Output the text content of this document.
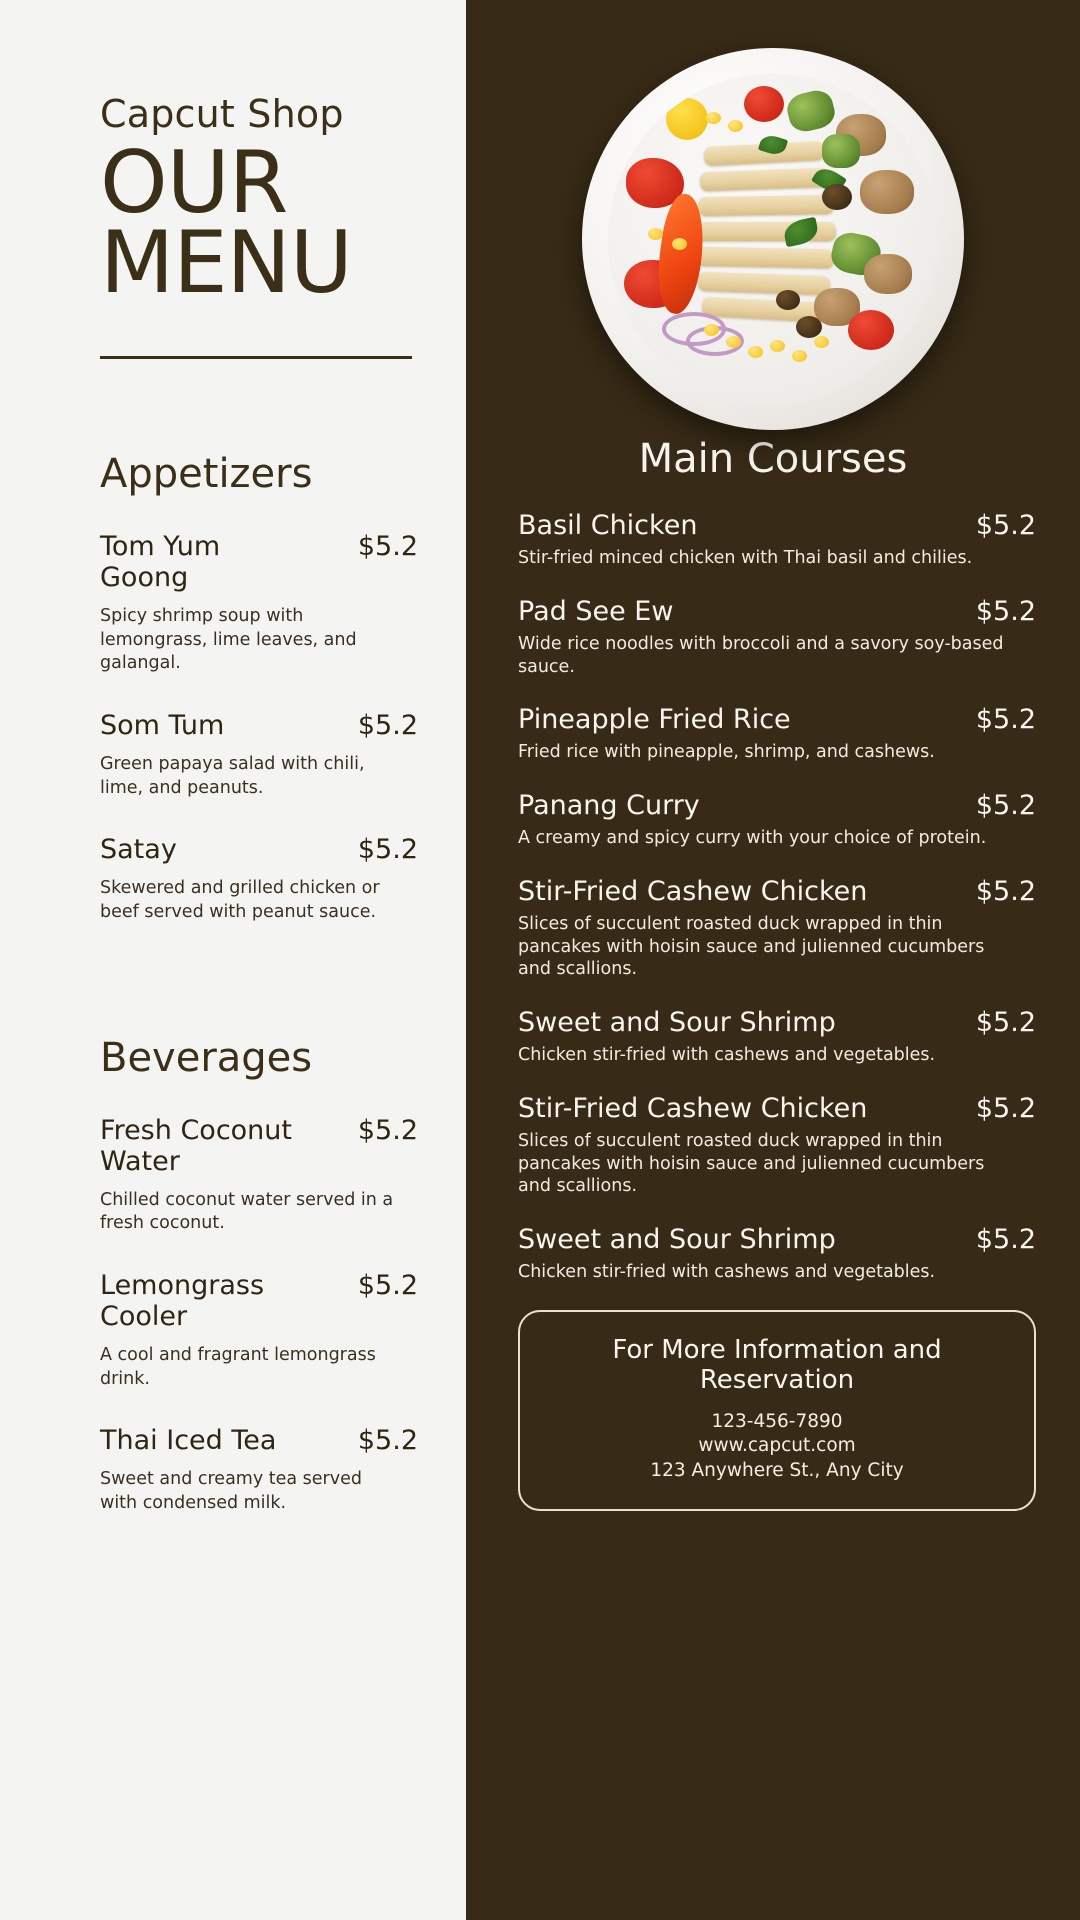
Capcut Shop
OUR
MENU
Appetizers
Tom Yum Goong
$5.2
Spicy shrimp soup with lemongrass, lime leaves, and galangal.
Som Tum	$5.2
Green papaya salad with chili, lime, and peanuts.
Satay	$5.2
Skewered and grilled chicken or beef served with peanut sauce.
Beverages
Fresh Coconut Water
$5.2
Chilled coconut water served in a fresh coconut.
Lemongrass Cooler
$5.2
A cool and fragrant lemongrass drink.
Thai Iced Tea	$5.2
Sweet and creamy tea served with condensed milk.
Main Courses
Basil Chicken	$5.2
Stir-fried minced chicken with Thai basil and chilies.
Pad See Ew	$5.2
Wide rice noodles with broccoli and a savory soy-based sauce.
Pineapple Fried Rice	$5.2
Fried rice with pineapple, shrimp, and cashews.
Panang Curry	$5.2
A creamy and spicy curry with your choice of protein.
Stir-Fried Cashew Chicken	$5.2
Slices of succulent roasted duck wrapped in thin pancakes with hoisin sauce and julienned cucumbers and scallions.
Sweet and Sour Shrimp	$5.2
Chicken stir-fried with cashews and vegetables.
Stir-Fried Cashew Chicken	$5.2
Slices of succulent roasted duck wrapped in thin pancakes with hoisin sauce and julienned cucumbers and scallions.
Sweet and Sour Shrimp	$5.2
Chicken stir-fried with cashews and vegetables.
For More Information and Reservation
123-456-7890
www.capcut.com
123 Anywhere St., Any City
